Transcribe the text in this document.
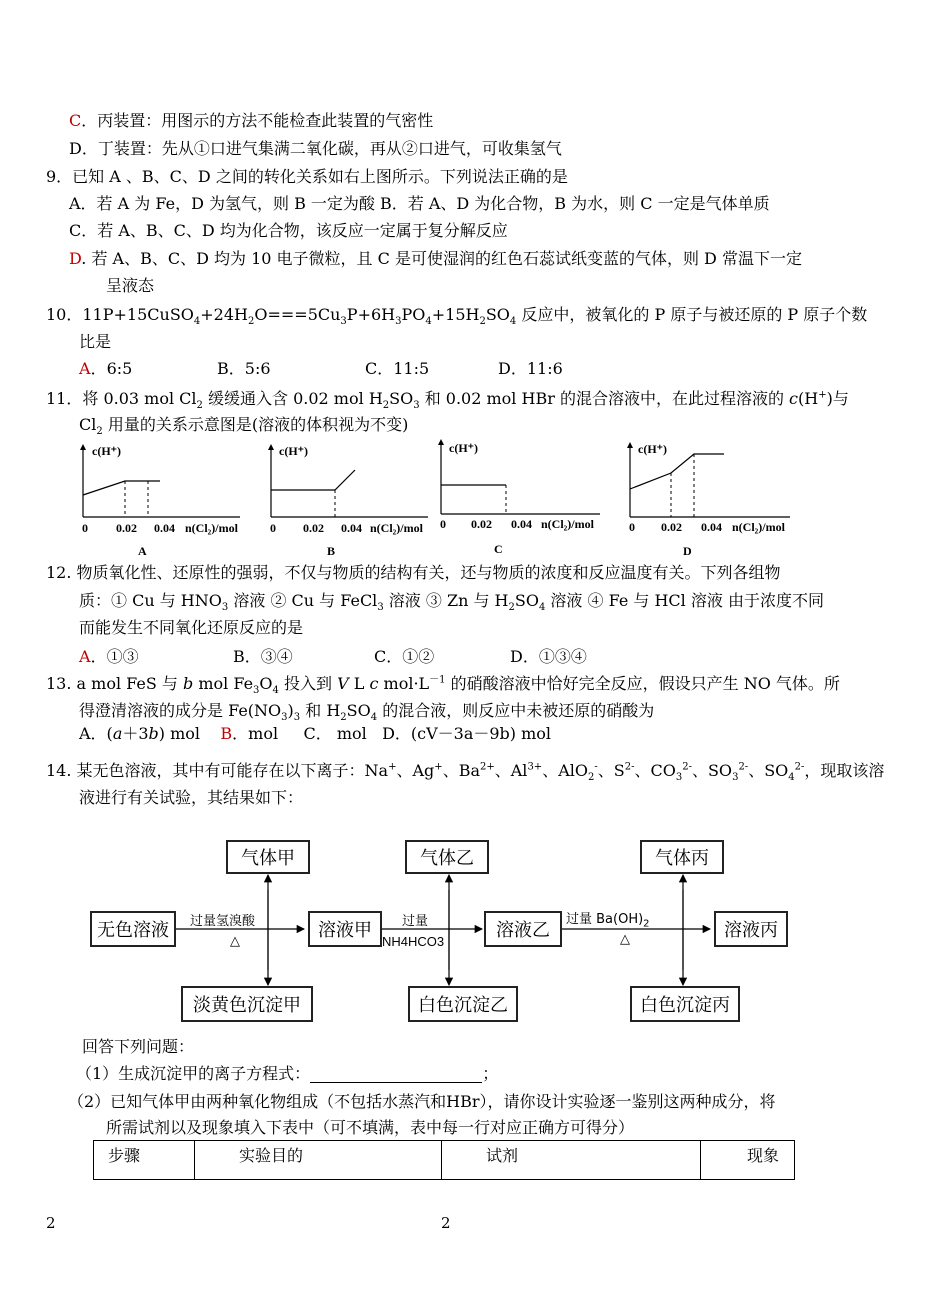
C．丙装置：用图示的方法不能检查此装置的气密性
D．丁装置：先从①口进气集满二氧化碳，再从②口进气，可收集氢气
9．已知 A 、B、C、D 之间的转化关系如右上图所示。下列说法正确的是
A．若 A 为 Fe，D 为氢气，则 B 一定为酸 B．若 A、D 为化合物，B 为水，则 C 一定是气体单质
C．若 A、B、C、D 均为化合物，该反应一定属于复分解反应
D. 若 A、B、C、D 均为 10 电子微粒，且 C 是可使湿润的红色石蕊试纸变蓝的气体，则 D 常温下一定
呈液态
10．$11P+15CuSO_4+24H_2O===5Cu_3P+6H_3PO_4+15H_2SO_4$ 反应中，被氧化的 P 原子与被还原的 P 原子个数
比是
A．6:5	B．5:6	C．11:5	D．11:6
11．将 0.03 mol $Cl_2$ 缓缓通入含 0.02 mol $H_2SO_3$ 和 0.02 mol HBr 的混合溶液中，在此过程溶液的 c(H+)与
$Cl_2$ 用量的关系示意图是(溶液的体积视为不变)
c(H⁺)
0 0.02 0.04 n(Cl₂)/mol
A
c(H⁺)
0 0.02 0.04 n(Cl₂)/mol
B
c(H⁺)
0 0.02 0.04 n(Cl₂)/mol
C
c(H⁺)
0 0.02 0.04 n(Cl₂)/mol
D
12. 物质氧化性、还原性的强弱，不仅与物质的结构有关，还与物质的浓度和反应温度有关。下列各组物
质：① Cu 与 $HNO_3$ 溶液 ② Cu 与 FeCl$_3$ 溶液 ③ Zn 与 $H_2SO_4$ 溶液 ④ Fe 与 HCl 溶液 由于浓度不同
而能发生不同氧化还原反应的是
A．①③	B．③④	C．①②	D．①③④
13. a mol FeS 与 b mol $Fe_3O_4$ 投入到 V L c $mol\cdot L^{-1}$ 的硝酸溶液中恰好完全反应，假设只产生 NO 气体。所
得澄清溶液的成分是 $Fe(NO_3)_3$ 和 $H_2SO_4$ 的混合液，则反应中未被还原的硝酸为
A．(a＋3b) mol    B．mol C． mol D．(cV－3a－9b) mol
14. 某无色溶液，其中有可能存在以下离子：Na+、Ag+、$Ba^{2+}$、$Al^{3+}$、AlO$_2$-、$S^{2-}$、$CO_3^{2-}$、$SO_3^{2-}$、$SO_4^{2-}$，现取该溶
液进行有关试验，其结果如下：
气体甲	气体乙	气体丙
无色溶液	溶液甲	溶液乙	溶液丙
过量氢溴酸
△
过量
NH4HCO3
过量 $Ba(OH)_2$
△
淡黄色沉淀甲	白色沉淀乙	白色沉淀丙
回答下列问题：
（1）生成沉淀甲的离子方程式：	；
（2）已知气体甲由两种氧化物组成（不包括水蒸汽和HBr），请你设计实验逐一鉴别这两种成分，将
所需试剂以及现象填入下表中（可不填满，表中每一行对应正确方可得分）
步骤	实验目的	试剂	现象
2	2
